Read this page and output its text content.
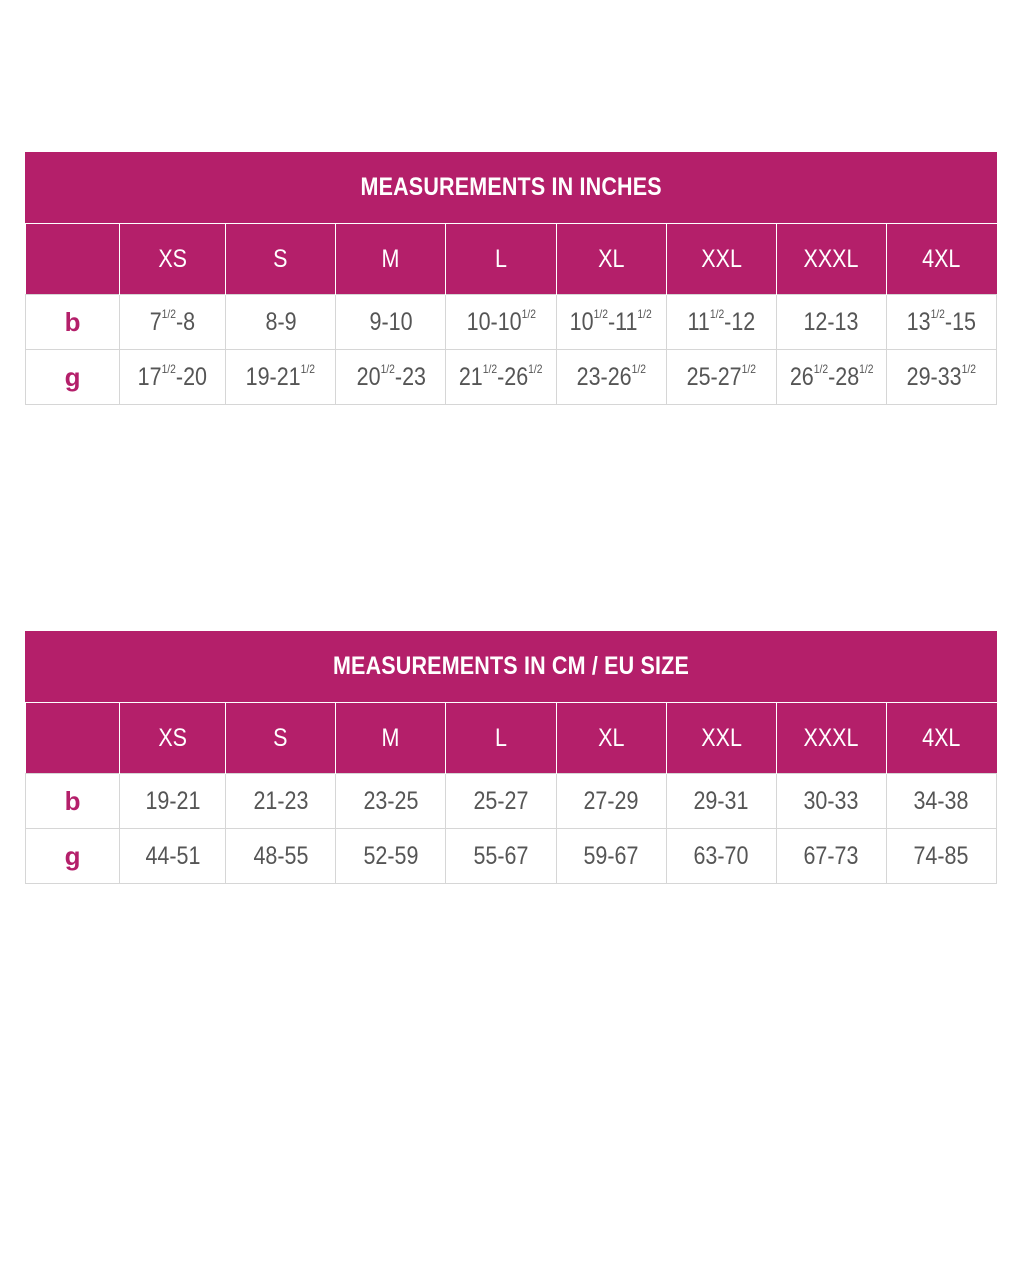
MEASUREMENTS IN INCHES
	XS	S	M	L	XL	XXL	XXXL	4XL
b	$7^{1/2}-8$	8-9	9-10	$10-10^{1/2}$	$10^{1/2}-11^{1/2}$	$11^{1/2}-12$	12-13	$13^{1/2}-15$
g	$17^{1/2}-20$	$19-21^{1/2}$	$20^{1/2}-23$	$21^{1/2}-26^{1/2}$	$23-26^{1/2}$	$25-27^{1/2}$	$26^{1/2}-28^{1/2}$	$29-33^{1/2}$
MEASUREMENTS IN CM / EU SIZE
	XS	S	M	L	XL	XXL	XXXL	4XL
b	19-21	21-23	23-25	25-27	27-29	29-31	30-33	34-38
g	44-51	48-55	52-59	55-67	59-67	63-70	67-73	74-85
